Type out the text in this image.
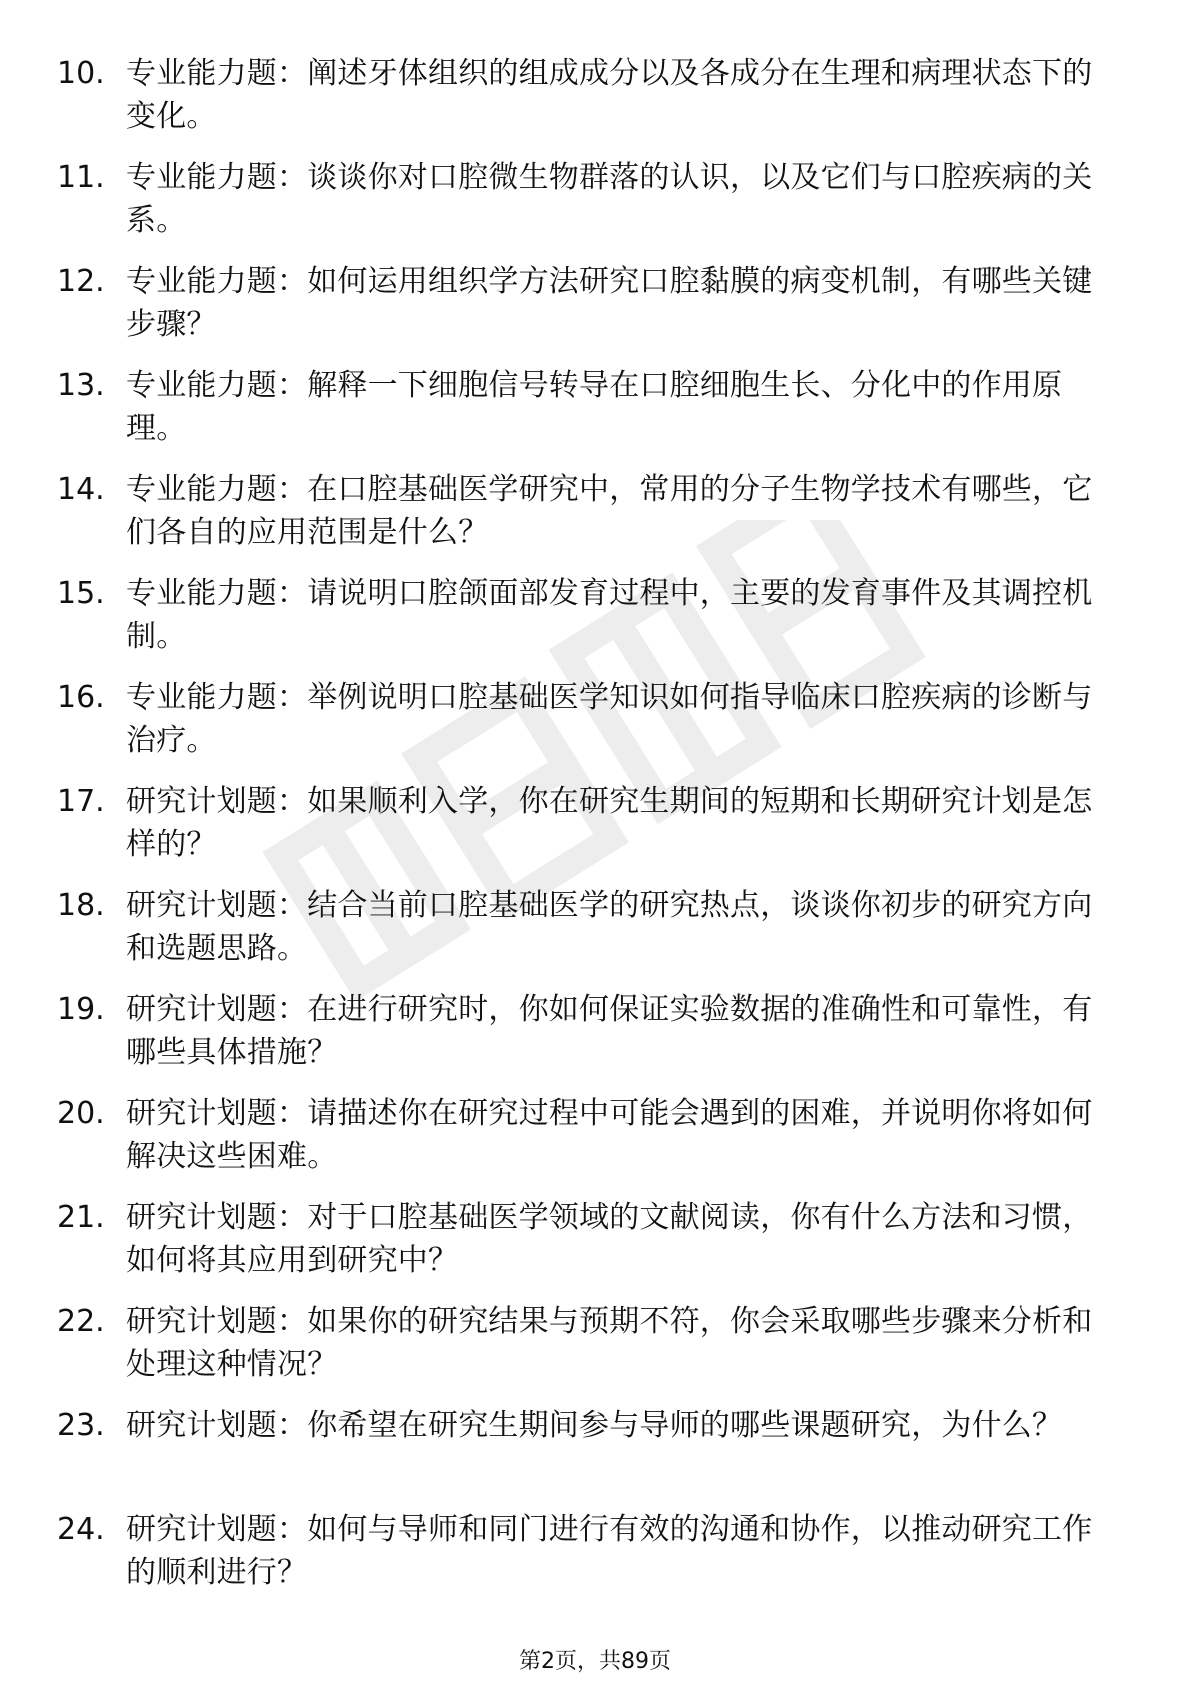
10. 专业能力题：阐述牙体组织的组成成分以及各成分在生理和病理状态下的变化。
11. 专业能力题：谈谈你对口腔微生物群落的认识，以及它们与口腔疾病的关系。
12. 专业能力题：如何运用组织学方法研究口腔黏膜的病变机制，有哪些关键步骤？
13. 专业能力题：解释一下细胞信号转导在口腔细胞生长、分化中的作用原理。
14. 专业能力题：在口腔基础医学研究中，常用的分子生物学技术有哪些，它们各自的应用范围是什么？
15. 专业能力题：请说明口腔颌面部发育过程中，主要的发育事件及其调控机制。
16. 专业能力题：举例说明口腔基础医学知识如何指导临床口腔疾病的诊断与治疗。
17. 研究计划题：如果顺利入学，你在研究生期间的短期和长期研究计划是怎样的？
18. 研究计划题：结合当前口腔基础医学的研究热点，谈谈你初步的研究方向和选题思路。
19. 研究计划题：在进行研究时，你如何保证实验数据的准确性和可靠性，有哪些具体措施？
20. 研究计划题：请描述你在研究过程中可能会遇到的困难，并说明你将如何解决这些困难。
21. 研究计划题：对于口腔基础医学领域的文献阅读，你有什么方法和习惯，如何将其应用到研究中？
22. 研究计划题：如果你的研究结果与预期不符，你会采取哪些步骤来分析和处理这种情况？
23. 研究计划题：你希望在研究生期间参与导师的哪些课题研究，为什么？
24. 研究计划题：如何与导师和同门进行有效的沟通和协作，以推动研究工作的顺利进行？
第2页，共89页
